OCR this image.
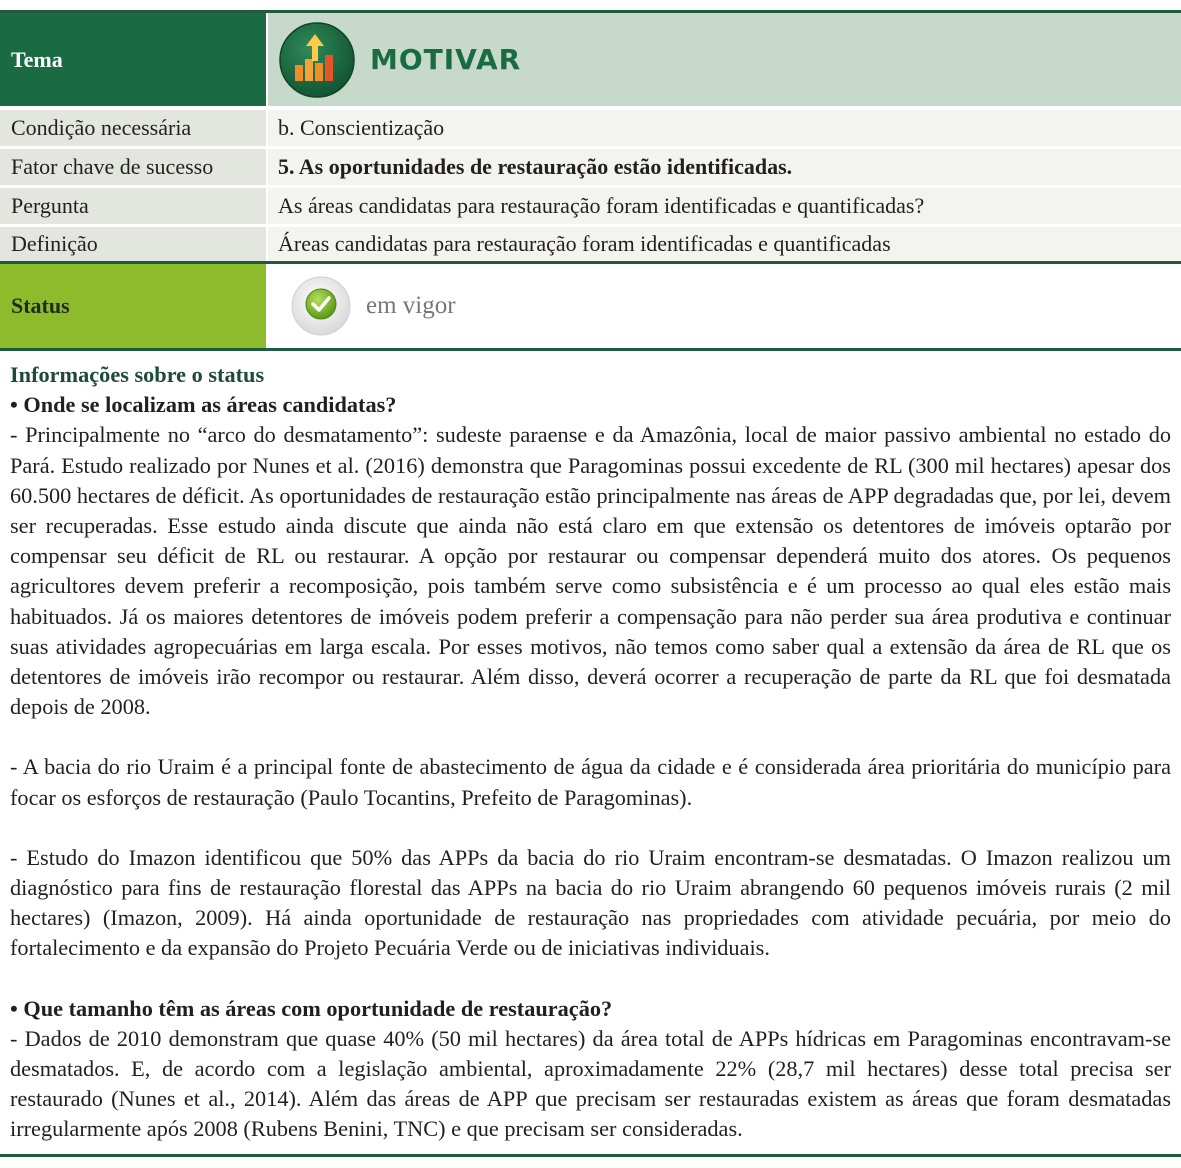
Tema	MOTIVAR
Condição necessária	b. Conscientização
Fator chave de sucesso	5. As oportunidades de restauração estão identificadas.
Pergunta	As áreas candidatas para restauração foram identificadas e quantificadas?
Definição	Áreas candidatas para restauração foram identificadas e quantificadas
Status	em vigor

Informações sobre o status

• Onde se localizam as áreas candidatas?

- Principalmente no “arco do desmatamento”: sudeste paraense e da Amazônia, local de maior passivo ambiental no estado do Pará. Estudo realizado por Nunes et al. (2016) demonstra que Paragominas possui excedente de RL (300 mil hectares) apesar dos 60.500 hectares de déficit. As oportunidades de restauração estão principalmente nas áreas de APP degradadas que, por lei, devem ser recuperadas. Esse estudo ainda discute que ainda não está claro em que extensão os detentores de imóveis optarão por compensar seu déficit de RL ou restaurar. A opção por restaurar ou compensar dependerá muito dos atores. Os pequenos agricultores devem preferir a recomposição, pois também serve como subsistência e é um processo ao qual eles estão mais habituados. Já os maiores detentores de imóveis podem preferir a compensação para não perder sua área produtiva e continuar suas atividades agropecuárias em larga escala. Por esses motivos, não temos como saber qual a extensão da área de RL que os detentores de imóveis irão recompor ou restaurar. Além disso, deverá ocorrer a recuperação de parte da RL que foi desmatada depois de 2008.

- A bacia do rio Uraim é a principal fonte de abastecimento de água da cidade e é considerada área prioritária do município para focar os esforços de restauração (Paulo Tocantins, Prefeito de Paragominas).

- Estudo do Imazon identificou que 50% das APPs da bacia do rio Uraim encontram-se desmatadas. O Imazon realizou um diagnóstico para fins de restauração florestal das APPs na bacia do rio Uraim abrangendo 60 pequenos imóveis rurais (2 mil hectares) (Imazon, 2009). Há ainda oportunidade de restauração nas propriedades com atividade pecuária, por meio do fortalecimento e da expansão do Projeto Pecuária Verde ou de iniciativas individuais.

• Que tamanho têm as áreas com oportunidade de restauração?

- Dados de 2010 demonstram que quase 40% (50 mil hectares) da área total de APPs hídricas em Paragominas encontravam-se desmatados. E, de acordo com a legislação ambiental, aproximadamente 22% (28,7 mil hectares) desse total precisa ser restaurado (Nunes et al., 2014). Além das áreas de APP que precisam ser restauradas existem as áreas que foram desmatadas irregularmente após 2008 (Rubens Benini, TNC) e que precisam ser consideradas.
